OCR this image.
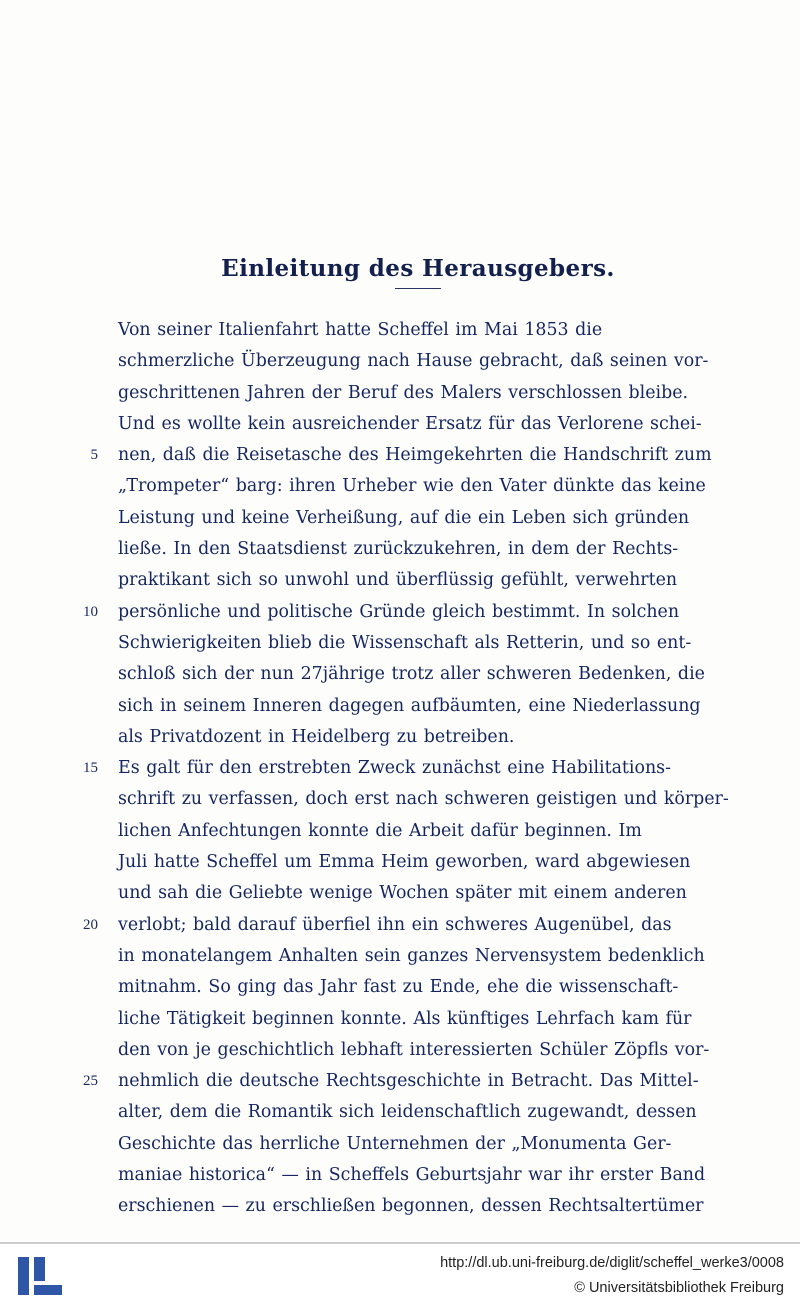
Einleitung des Herausgebers.
Von seiner Italienfahrt hatte Scheffel im Mai 1853 die
schmerzliche Überzeugung nach Hause gebracht, daß seinen vor-
geschrittenen Jahren der Beruf des Malers verschlossen bleibe.
Und es wollte kein ausreichender Ersatz für das Verlorene schei-
5 nen, daß die Reisetasche des Heimgekehrten die Handschrift zum
„Trompeter“ barg: ihren Urheber wie den Vater dünkte das keine
Leistung und keine Verheißung, auf die ein Leben sich gründen
ließe. In den Staatsdienst zurückzukehren, in dem der Rechts-
praktikant sich so unwohl und überflüssig gefühlt, verwehrten
10 persönliche und politische Gründe gleich bestimmt. In solchen
Schwierigkeiten blieb die Wissenschaft als Retterin, und so ent-
schloß sich der nun 27jährige trotz aller schweren Bedenken, die
sich in seinem Inneren dagegen aufbäumten, eine Niederlassung
als Privatdozent in Heidelberg zu betreiben.
15 Es galt für den erstrebten Zweck zunächst eine Habilitations-
schrift zu verfassen, doch erst nach schweren geistigen und körper-
lichen Anfechtungen konnte die Arbeit dafür beginnen. Im
Juli hatte Scheffel um Emma Heim geworben, ward abgewiesen
und sah die Geliebte wenige Wochen später mit einem anderen
20 verlobt; bald darauf überfiel ihn ein schweres Augenübel, das
in monatelangem Anhalten sein ganzes Nervensystem bedenklich
mitnahm. So ging das Jahr fast zu Ende, ehe die wissenschaft-
liche Tätigkeit beginnen konnte. Als künftiges Lehrfach kam für
den von je geschichtlich lebhaft interessierten Schüler Zöpfls vor-
25 nehmlich die deutsche Rechtsgeschichte in Betracht. Das Mittel-
alter, dem die Romantik sich leidenschaftlich zugewandt, dessen
Geschichte das herrliche Unternehmen der „Monumenta Ger-
maniae historica“ — in Scheffels Geburtsjahr war ihr erster Band
erschienen — zu erschließen begonnen, dessen Rechtsaltertümer
http://dl.ub.uni-freiburg.de/diglit/scheffel_werke3/0008
© Universitätsbibliothek Freiburg
